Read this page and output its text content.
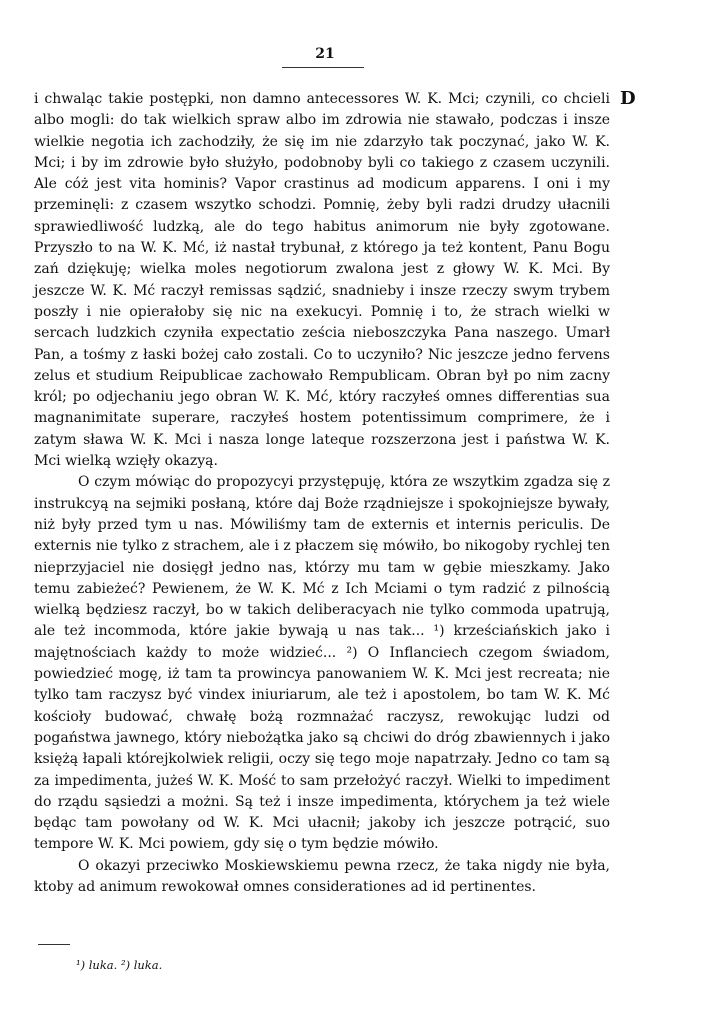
21
D

i chwaląc takie postępki, non damno antecessores W. K. Mci; czynili, co chcieli albo mogli: do tak wielkich spraw albo im zdrowia nie stawało, podczas i insze wielkie negotia ich zachodziły, że się im nie zdarzyło tak poczynać, jako W. K. Mci; i by im zdrowie było służyło, podobnoby byli co takiego z czasem uczynili. Ale cóż jest vita hominis? Vapor crastinus ad modicum apparens. I oni i my przeminęli: z czasem wszytko schodzi. Pomnię, żeby byli radzi drudzy ułacnili sprawiedliwość ludzką, ale do tego habitus animorum nie były zgotowane. Przyszło to na W. K. Mć, iż nastał trybunał, z którego ja też kontent, Panu Bogu zań dziękuję; wielka moles negotiorum zwalona jest z głowy W. K. Mci. By jeszcze W. K. Mć raczył remissas sądzić, snadnieby i insze rzeczy swym trybem poszły i nie opierałoby się nic na exekucyi. Pomnię i to, że strach wielki w sercach ludzkich czyniła expectatio ześcia nieboszczyka Pana naszego. Umarł Pan, a tośmy z łaski bożej cało zostali. Co to uczyniło? Nic jeszcze jedno fervens zelus et studium Reipublicae zachowało Rempublicam. Obran był po nim zacny król; po odjechaniu jego obran W. K. Mć, który raczyłeś omnes differentias sua magnanimitate superare, raczyłeś hostem potentissimum comprimere, że i zatym sława W. K. Mci i nasza longe lateque rozszerzona jest i państwa W. K. Mci wielką wzięły okazyą.

O czym mówiąc do propozycyi przystępuję, która ze wszytkim zgadza się z instrukcyą na sejmiki posłaną, które daj Boże rządniejsze i spokojniejsze bywały, niż były przed tym u nas. Mówiliśmy tam de externis et internis periculis. De externis nie tylko z strachem, ale i z płaczem się mówiło, bo nikogoby rychlej ten nieprzyjaciel nie dosięgł jedno nas, którzy mu tam w gębie mieszkamy. Jako temu zabieżeć? Pewienem, że W. K. Mć z Ich Mciami o tym radzić z pilnością wielką będziesz raczył, bo w takich deliberacyach nie tylko commoda upatrują, ale też incommoda, które jakie bywają u nas tak... ¹) krześciańskich jako i majętnościach każdy to może widzieć... ²) O Inflanciech czegom świadom, powiedzieć mogę, iż tam ta prowincya panowaniem W. K. Mci jest recreata; nie tylko tam raczysz być vindex iniuriarum, ale też i apostolem, bo tam W. K. Mć kościoły budować, chwałę bożą rozmnażać raczysz, rewokując ludzi od pogaństwa jawnego, który niebożątka jako są chciwi do dróg zbawiennych i jako księżą łapali którejkolwiek religii, oczy się tego moje napatrzały. Jedno co tam są za impedimenta, jużeś W. K. Mość to sam przełożyć raczył. Wielki to impediment do rządu sąsiedzi a możni. Są też i insze impedimenta, którychem ja też wiele będąc tam powołany od W. K. Mci ułacnił; jakoby ich jeszcze potrącić, suo tempore W. K. Mci powiem, gdy się o tym będzie mówiło.

O okazyi przeciwko Moskiewskiemu pewna rzecz, że taka nigdy nie była, ktoby ad animum rewokował omnes considerationes ad id pertinentes.

¹) luka. ²) luka.
